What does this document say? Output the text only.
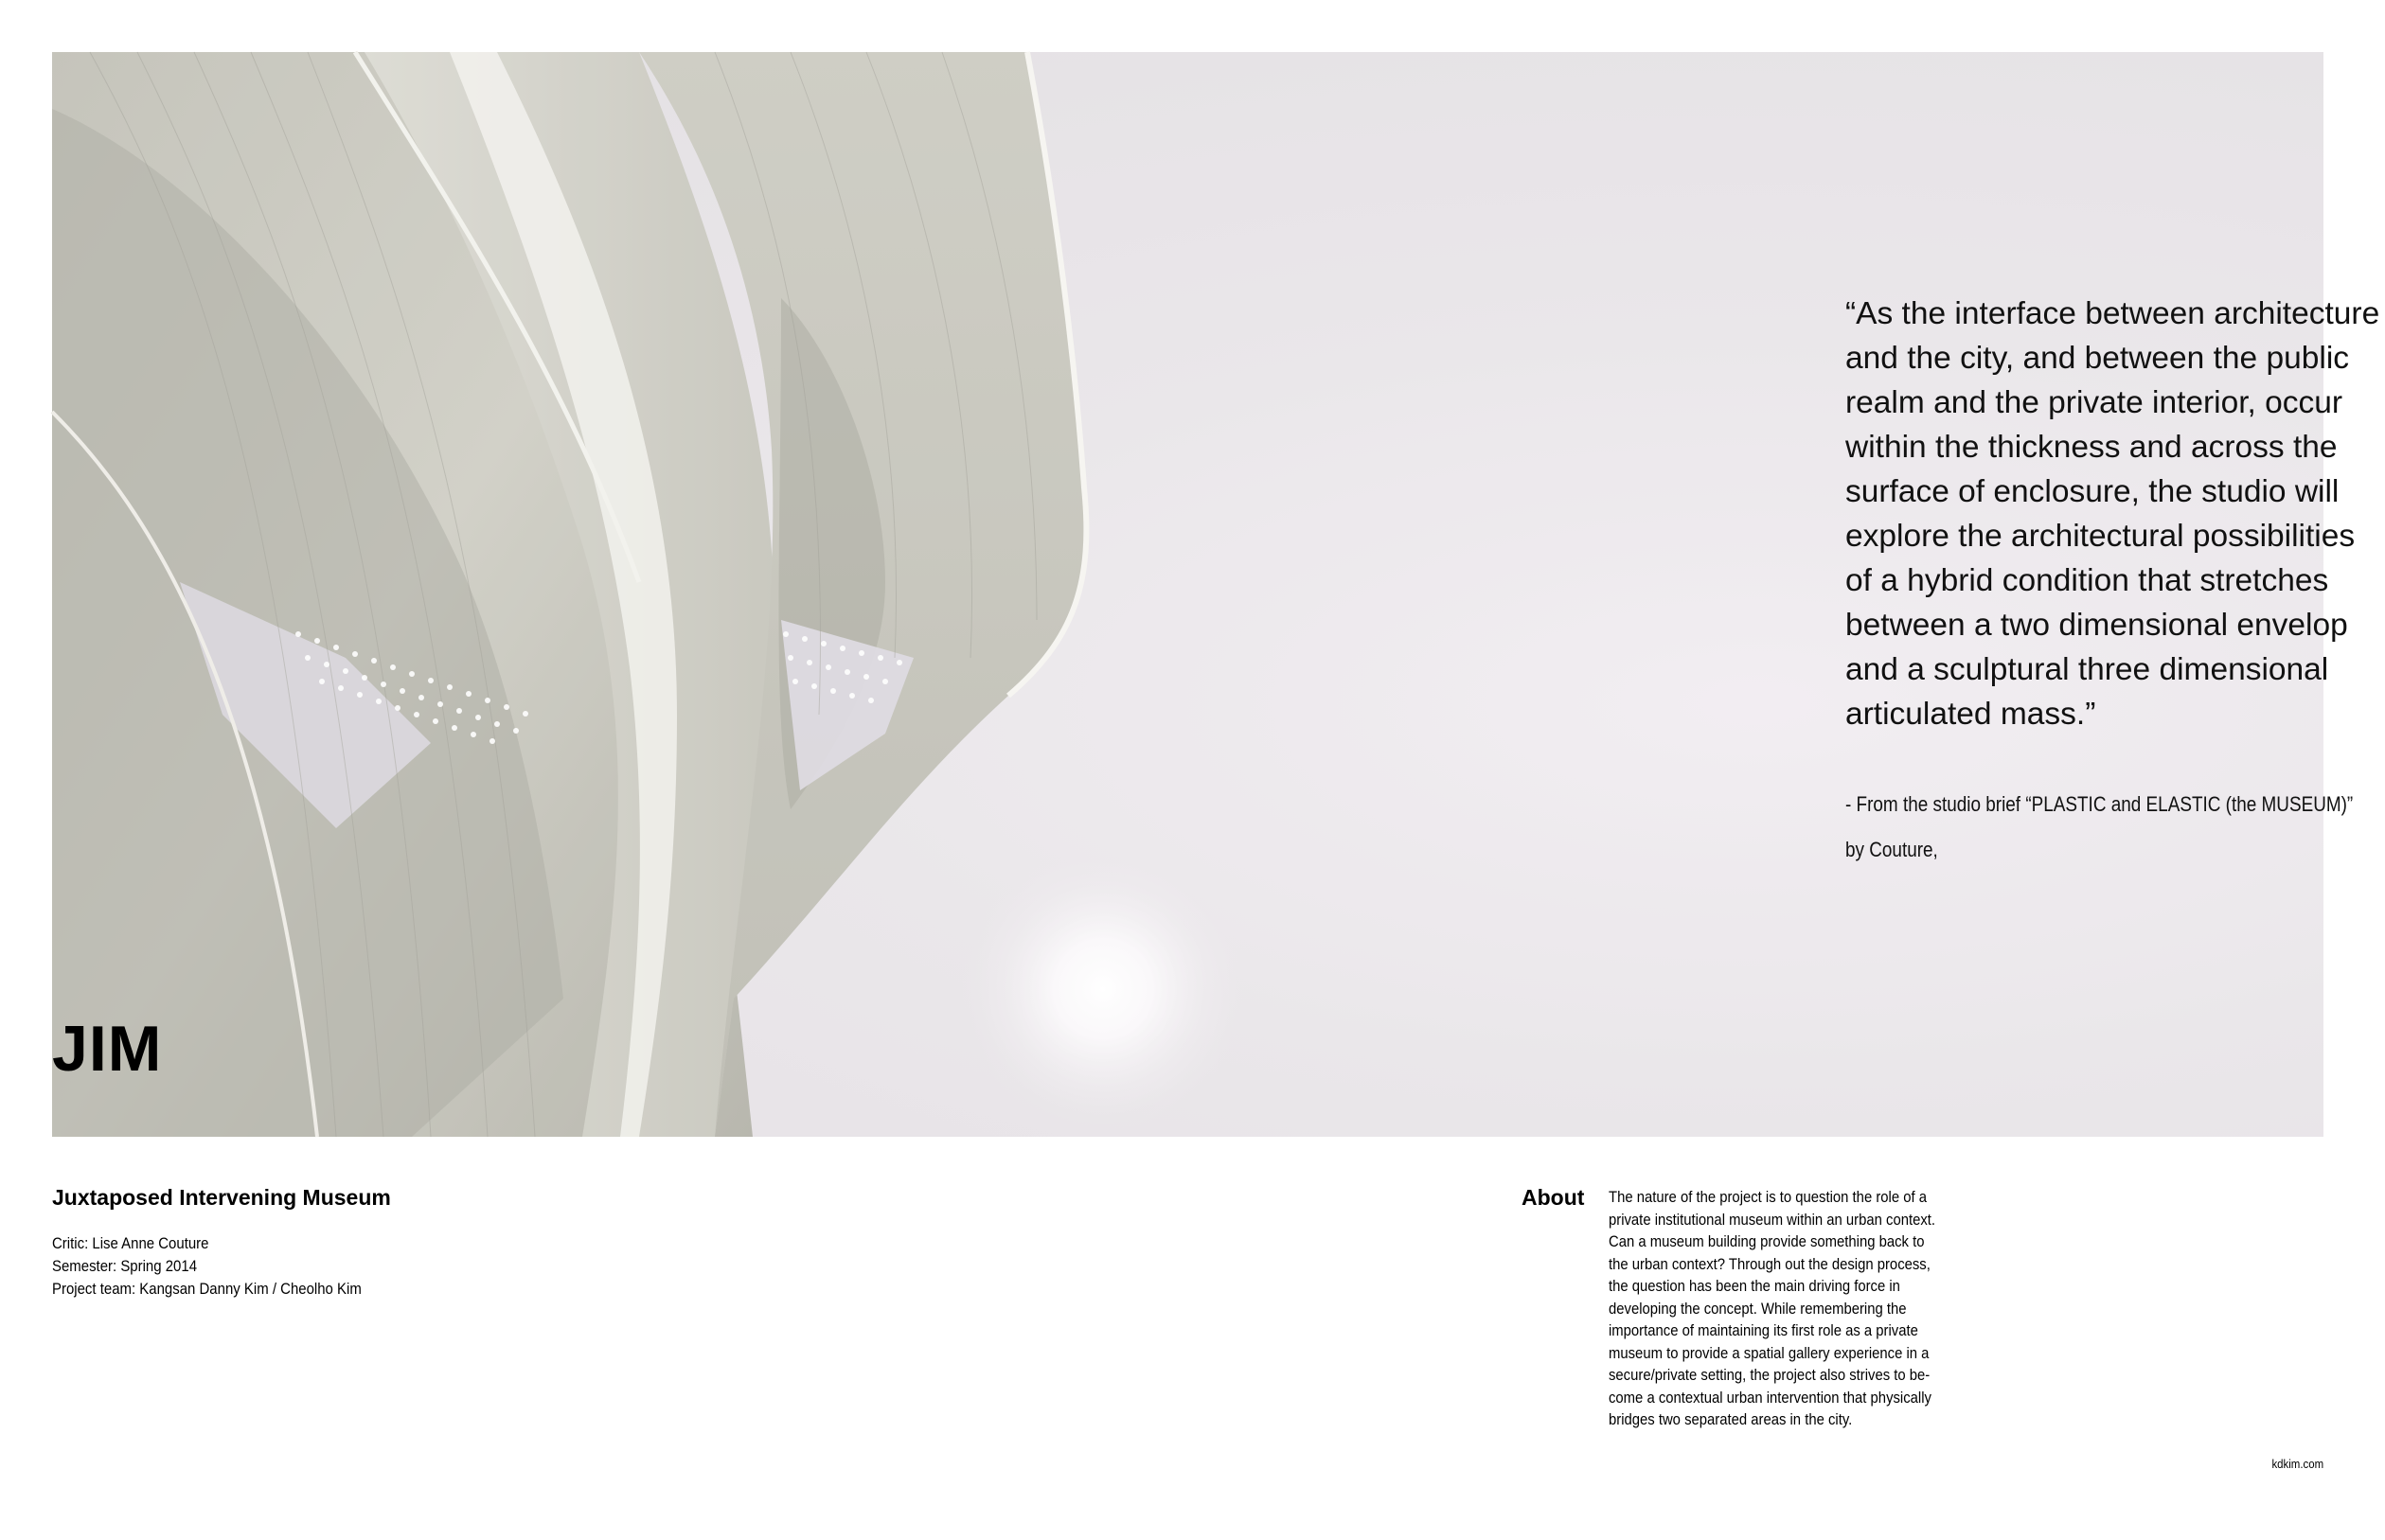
“As the interface between architecture
and the city, and between the public
realm and the private interior, occur
within the thickness and across the
surface of enclosure, the studio will
explore the architectural possibilities
of a hybrid condition that stretches
between a two dimensional envelop
and a sculptural three dimensional
articulated mass.”

- From the studio brief “PLASTIC and ELASTIC (the MUSEUM)”
by Couture,
JIM
Juxtaposed Intervening Museum
Critic: Lise Anne Couture
Semester: Spring 2014
Project team: Kangsan Danny Kim / Cheolho Kim
About The nature of the project is to question the role of a
private institutional museum within an urban context.
Can a museum building provide something back to
the urban context? Through out the design process,
the question has been the main driving force in
developing the concept. While remembering the
importance of maintaining its first role as a private
museum to provide a spatial gallery experience in a
secure/private setting, the project also strives to be-
come a contextual urban intervention that physically
bridges two separated areas in the city.

kdkim.com
